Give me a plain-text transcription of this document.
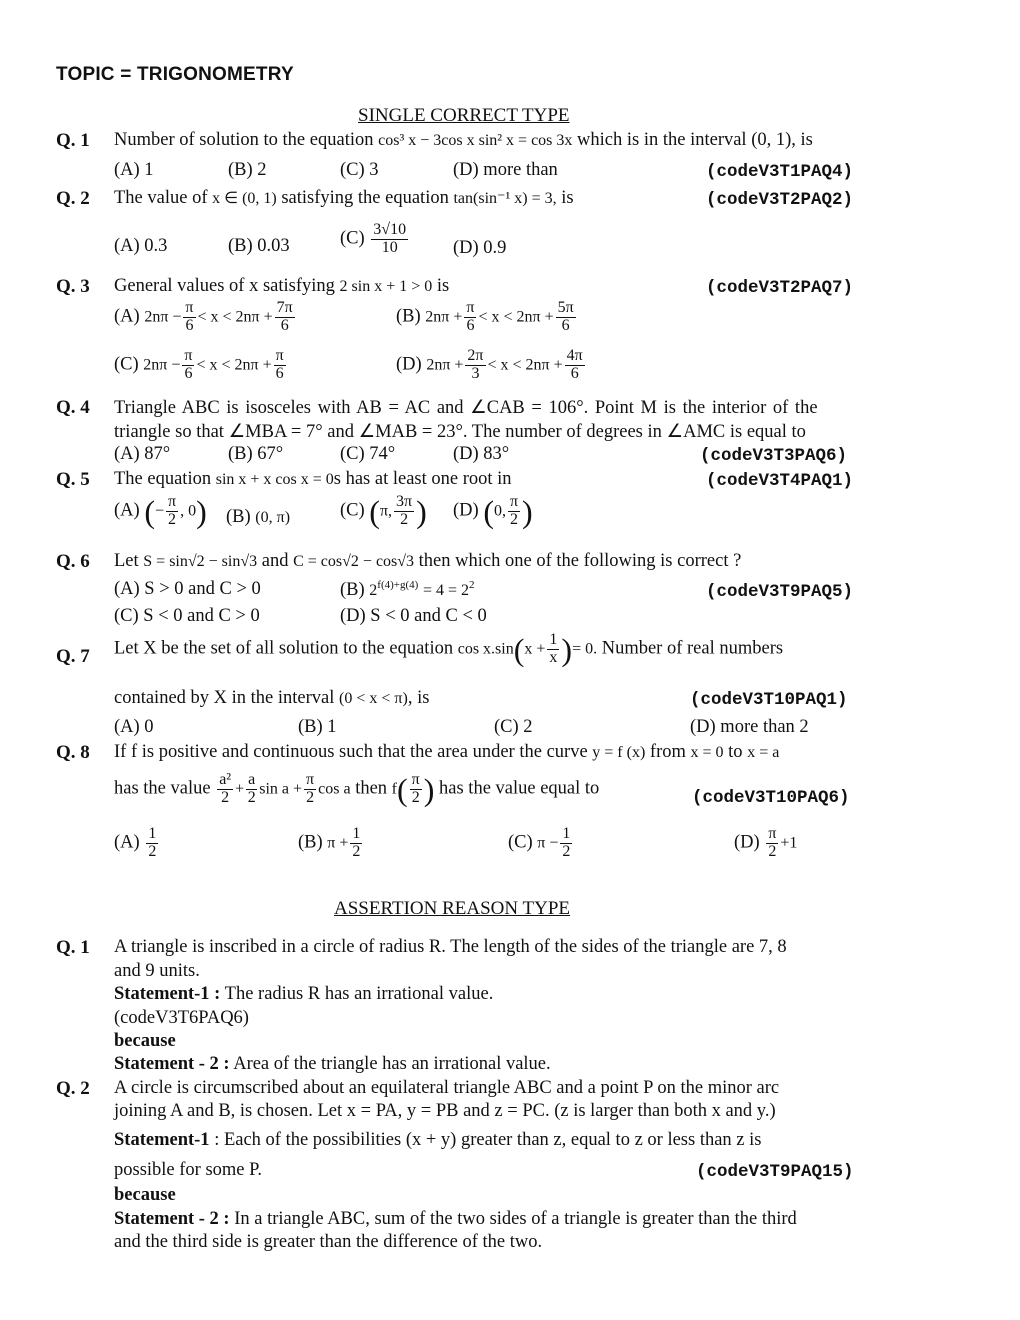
TOPIC = TRIGONOMETRY
SINGLE CORRECT TYPE
Q. 1 Number of solution to the equation cos³ x − 3cos x sin² x = cos 3x which is in the interval (0, 1), is
(A) 1	(B) 2	(C) 3	(D) more than	(codeV3T1PAQ4)
Q. 2 The value of x ∈ (0, 1) satisfying the equation tan(sin⁻¹ x) = 3, is	(codeV3T2PAQ2)
(A) 0.3	(B) 0.03	$(C) \frac{3√10}{10} (D)$ 0.9
Q. 3 General values of x satisfying 2 sin x + 1 > 0 is	(codeV3T2PAQ7)
(A) $2n\pi - \frac{\pi}{6} < x < 2n\pi + \frac{7\pi}{6}$	(B) $2n\pi + \frac{\pi}{6} < x < 2n\pi + \frac{5\pi}{6}$
(C) $2n\pi - \frac{\pi}{6} < x < 2n\pi + \frac{\pi}{6}$	(D) $2n\pi + \frac{2\pi}{3} < x < 2n\pi + \frac{4\pi}{6}$
Q. 4 Triangle ABC is isosceles with AB = AC and ∠CAB = 106°. Point M is the interior of the
triangle so that ∠MBA = 7° and ∠MAB = 23°. The number of degrees in ∠AMC is equal to
(A) 87°	(B) 67°	(C) 74°	(D) 83°	(codeV3T3PAQ6)
Q. 5 The equation sin x + x cos x = 0s has at least one root in	(codeV3T4PAQ1)
(A) (− $\frac{\pi}{2}$ , 0) (B) (0, π)	(C) (π, $\frac{3\pi}{2}$ ) (D) (0, $\frac{\pi}{2}$ )
Q. 6 Let S = sin√2 − sin√3 and C = cos√2 − cos√3 then which one of the following is correct ?
(A) S > 0 and C > 0	(B) $2^{f(4)+g(4)} = 4 = 2^2$	(codeV3T9PAQ5)
(C) S < 0 and C > 0	(D) S < 0 and C < 0
Q. 7 Let X be the set of all solution to the equation $\cos x.\sin(x + \frac{1}{x}$ )= 0. Number of real numbers
contained by X in the interval (0 < x < π), is	(codeV3T10PAQ1)
(A) 0	(B) 1	(C) 2	(D) more than 2
Q. 8 If f is positive and continuous such that the area under the curve y = f (x) from x = 0 to x = a
has the value $\frac{\text{a²}}{2} + \frac{a}{2}$ $\sin a + \frac{\pi}{2}$ cos a then $f( \frac{\pi}{2}$ ) has the value equal to	(codeV3T10PAQ6)
$(A) \frac{1}{2}$	(B) $\pi + \frac{1}{2}$	(C) $\pi - \frac{1}{2}$	$(D) \frac{\pi}{2} +1$
ASSERTION REASON TYPE
Q. 1 A triangle is inscribed in a circle of radius R. The length of the sides of the triangle are 7, 8
and 9 units.
Statement-1 : The radius R has an irrational value.
(codeV3T6PAQ6)
because
Statement - 2 : Area of the triangle has an irrational value.
Q. 2 A circle is circumscribed about an equilateral triangle ABC and a point P on the minor arc
joining A and B, is chosen. Let x = PA, y = PB and z = PC. (z is larger than both x and y.)
Statement-1 : Each of the possibilities (x + y) greater than z, equal to z or less than z is
possible for some P.	(codeV3T9PAQ15)
because
Statement - 2 : In a triangle ABC, sum of the two sides of a triangle is greater than the third
and the third side is greater than the difference of the two.
